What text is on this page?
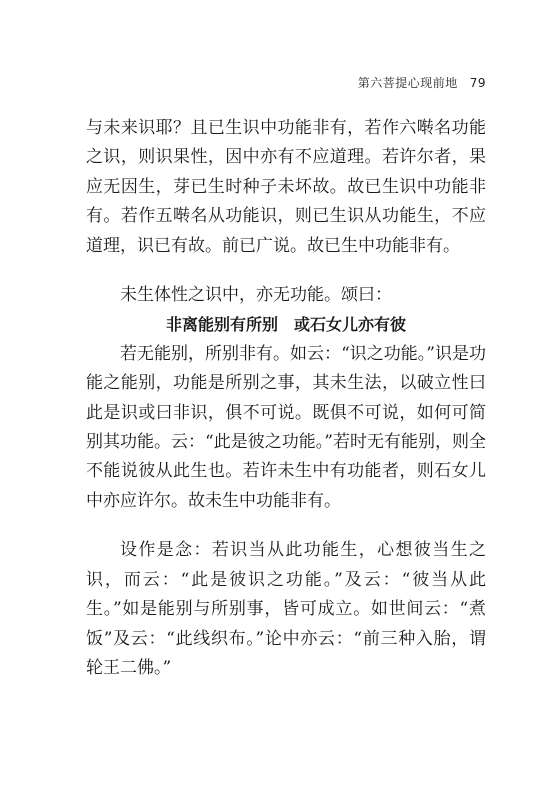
第六菩提心现前地 79

与未来识耶？且已生识中功能非有，若作六啭名功能之识，则识果性，因中亦有不应道理。若许尔者，果应无因生，芽已生时种子未坏故。故已生识中功能非有。若作五啭名从功能识，则已生识从功能生，不应道理，识已有故。前已广说。故已生中功能非有。

未生体性之识中，亦无功能。颂曰：

非离能别有所别　或石女儿亦有彼

若无能别，所别非有。如云：“识之功能。”识是功能之能别，功能是所别之事，其未生法，以破立性曰此是识或曰非识，俱不可说。既俱不可说，如何可简别其功能。云：“此是彼之功能。”若时无有能别，则全不能说彼从此生也。若许未生中有功能者，则石女儿中亦应许尔。故未生中功能非有。

设作是念：若识当从此功能生，心想彼当生之识，而云：“此是彼识之功能。”及云：“彼当从此生。”如是能别与所别事，皆可成立。如世间云：“煮饭”及云：“此线织布。”论中亦云：“前三种入胎，谓轮王二佛。”
